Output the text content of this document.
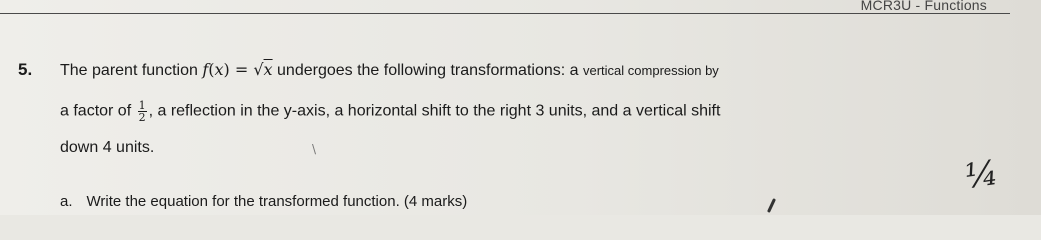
MCR3U - Functions
5. The parent function f(x) = √x undergoes the following transformations: a vertical compression by
a factor of $\frac{1}{2}$ , a reflection in the y-axis, a horizontal shift to the right 3 units, and a vertical shift
down 4 units.	\
a. Write the equation for the transformed function. (4 marks)
¼
